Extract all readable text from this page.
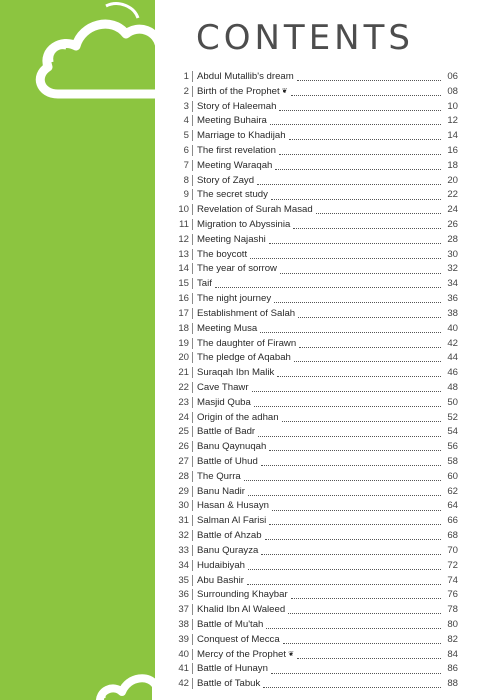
CONTENTS
1 Abdul Mutallib's dream	06
2 Birth of the Prophet ❦	08
3 Story of Haleemah	10
4 Meeting Buhaira	12
5 Marriage to Khadijah	14
6 The first revelation	16
7 Meeting Waraqah	18
8 Story of Zayd	20
9 The secret study	22
10 Revelation of Surah Masad	24
11 Migration to Abyssinia	26
12 Meeting Najashi	28
13 The boycott	30
14 The year of sorrow	32
15 Taif	34
16 The night journey	36
17 Establishment of Salah	38
18 Meeting Musa	40
19 The daughter of Firawn	42
20 The pledge of Aqabah	44
21 Suraqah Ibn Malik	46
22 Cave Thawr	48
23 Masjid Quba	50
24 Origin of the adhan	52
25 Battle of Badr	54
26 Banu Qaynuqah	56
27 Battle of Uhud	58
28 The Qurra	60
29 Banu Nadir	62
30 Hasan & Husayn	64
31 Salman Al Farisi	66
32 Battle of Ahzab	68
33 Banu Qurayza	70
34 Hudaibiyah	72
35 Abu Bashir	74
36 Surrounding Khaybar	76
37 Khalid Ibn Al Waleed	78
38 Battle of Mu'tah	80
39 Conquest of Mecca	82
40 Mercy of the Prophet ❦	84
41 Battle of Hunayn	86
42 Battle of Tabuk	88
